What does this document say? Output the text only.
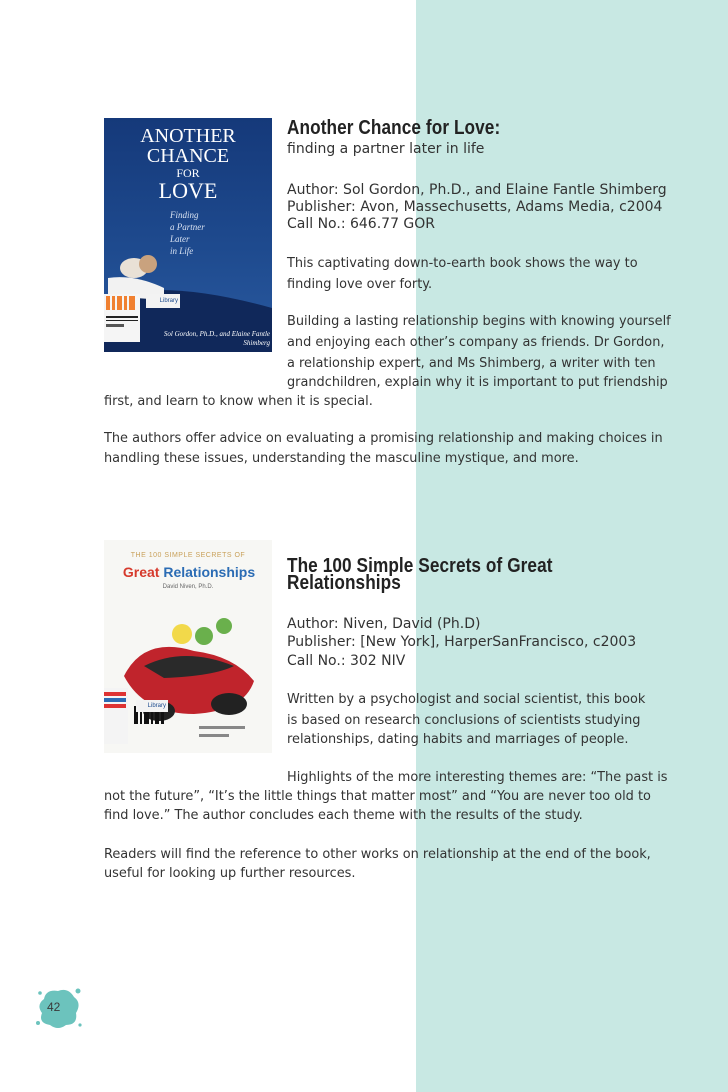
ANOTHER
CHANCE
FOR
LOVE
Finding
a Partner
Later
in Life
Library
Sol Gordon, Ph.D., and Elaine Fantle Shimberg
Another Chance for Love:
finding a partner later in life
Author: Sol Gordon, Ph.D., and Elaine Fantle Shimberg
Publisher: Avon, Massechusetts, Adams Media, c2004
Call No.: 646.77 GOR
This captivating down-to-earth book shows the way to
finding love over forty.
Building a lasting relationship begins with knowing yourself
and enjoying each other’s company as friends. Dr Gordon,
a relationship expert, and Ms Shimberg, a writer with ten
grandchildren, explain why it is important to put friendship
first, and learn to know when it is special.
The authors offer advice on evaluating a promising relationship and making choices in
handling these issues, understanding the masculine mystique, and more.
THE 100 SIMPLE SECRETS OF
Great Relationships
David Niven, Ph.D.
Library
The 100 Simple Secrets of Great
Relationships
Author: Niven, David (Ph.D)
Publisher: [New York], HarperSanFrancisco, c2003
Call No.: 302 NIV
Written by a psychologist and social scientist, this book
is based on research conclusions of scientists studying
relationships, dating habits and marriages of people.
Highlights of the more interesting themes are: “The past is
not the future”, “It’s the little things that matter most” and “You are never too old to
find love.” The author concludes each theme with the results of the study.
Readers will find the reference to other works on relationship at the end of the book,
useful for looking up further resources.
42
